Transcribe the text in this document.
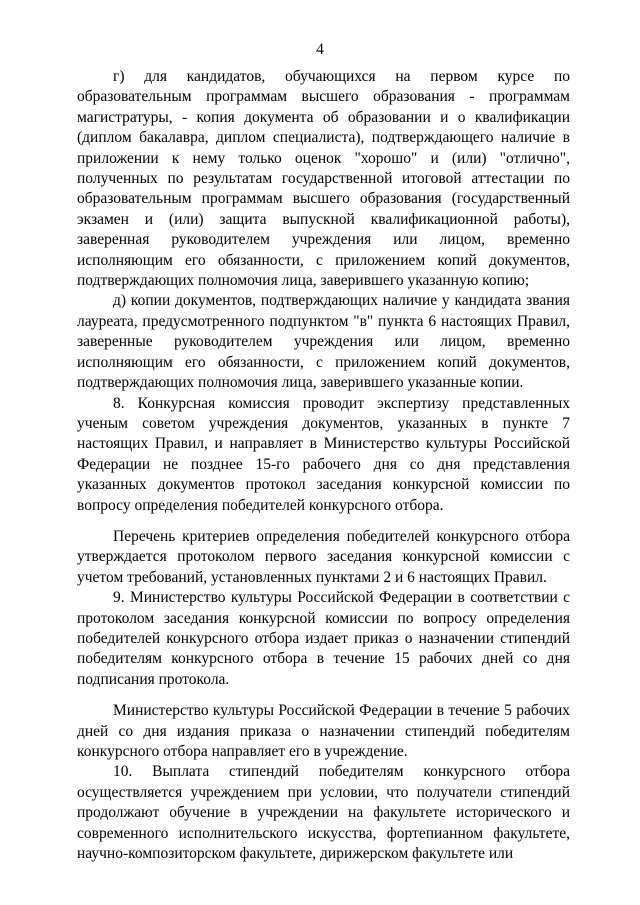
4

г) для кандидатов, обучающихся на первом курсе по образовательным программам высшего образования - программам магистратуры, - копия документа об образовании и о квалификации (диплом бакалавра, диплом специалиста), подтверждающего наличие в приложении к нему только оценок "хорошо" и (или) "отлично", полученных по результатам государственной итоговой аттестации по образовательным программам высшего образования (государственный экзамен и (или) защита выпускной квалификационной работы), заверенная руководителем учреждения или лицом, временно исполняющим его обязанности, с приложением копий документов, подтверждающих полномочия лица, заверившего указанную копию;

д) копии документов, подтверждающих наличие у кандидата звания лауреата, предусмотренного подпунктом "в" пункта 6 настоящих Правил, заверенные руководителем учреждения или лицом, временно исполняющим его обязанности, с приложением копий документов, подтверждающих полномочия лица, заверившего указанные копии.

8. Конкурсная комиссия проводит экспертизу представленных ученым советом учреждения документов, указанных в пункте 7 настоящих Правил, и направляет в Министерство культуры Российской Федерации не позднее 15-го рабочего дня со дня представления указанных документов протокол заседания конкурсной комиссии по вопросу определения победителей конкурсного отбора.

Перечень критериев определения победителей конкурсного отбора утверждается протоколом первого заседания конкурсной комиссии с учетом требований, установленных пунктами 2 и 6 настоящих Правил.

9. Министерство культуры Российской Федерации в соответствии с протоколом заседания конкурсной комиссии по вопросу определения победителей конкурсного отбора издает приказ о назначении стипендий победителям конкурсного отбора в течение 15 рабочих дней со дня подписания протокола.

Министерство культуры Российской Федерации в течение 5 рабочих дней со дня издания приказа о назначении стипендий победителям конкурсного отбора направляет его в учреждение.

10. Выплата стипендий победителям конкурсного отбора осуществляется учреждением при условии, что получатели стипендий продолжают обучение в учреждении на факультете исторического и современного исполнительского искусства, фортепианном факультете, научно-композиторском факультете, дирижерском факультете или
